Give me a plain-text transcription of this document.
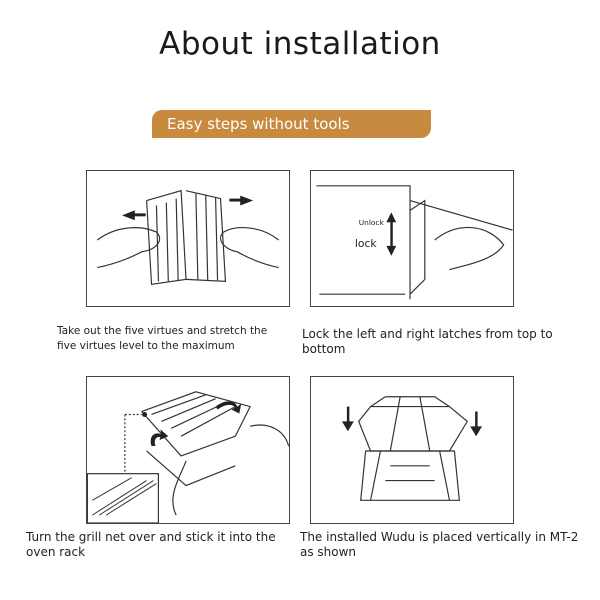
About installation
Easy steps without tools
Take out the five virtues and stretch the five virtues level to the maximum
Unlock
lock
Lock the left and right latches from top to bottom
Turn the grill net over and stick it into the oven rack
The installed Wudu is placed vertically in MT-2 as shown
